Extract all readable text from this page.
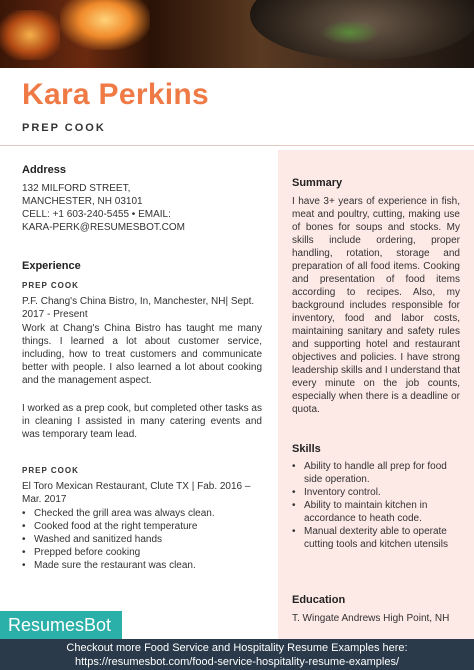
Kara Perkins
PREP COOK
Address
132 MILFORD STREET,
MANCHESTER, NH 03101
CELL: +1 603-240-5455 • EMAIL:
KARA-PERK@RESUMESBOT.COM
Experience
PREP COOK
P.F. Chang's China Bistro, In, Manchester, NH| Sept. 2017 - Present
Work at Chang's China Bistro has taught me many things. I learned a lot about customer service, including, how to treat customers and communicate better with people. I also learned a lot about cooking and the management aspect.
I worked as a prep cook, but completed other tasks as in cleaning I assisted in many catering events and was temporary team lead.
PREP COOK
El Toro Mexican Restaurant, Clute TX | Fab. 2016 – Mar. 2017
• Checked the grill area was always clean.
• Cooked food at the right temperature
• Washed and sanitized hands
• Prepped before cooking
• Made sure the restaurant was clean.
Summary
I have 3+ years of experience in fish, meat and poultry, cutting, making use of bones for soups and stocks. My skills include ordering, proper handling, rotation, storage and preparation of all food items. Cooking and presentation of food items according to recipes. Also, my background includes responsible for inventory, food and labor costs, maintaining sanitary and safety rules and supporting hotel and restaurant objectives and policies. I have strong leadership skills and I understand that every minute on the job counts, especially when there is a deadline or quota.
Skills
• Ability to handle all prep for food side operation.
• Inventory control.
• Ability to maintain kitchen in accordance to heath code.
• Manual dexterity able to operate cutting tools and kitchen utensils
Education
T. Wingate Andrews High Point, NH
ResumesBot
Checkout more Food Service and Hospitality Resume Examples here:
https://resumesbot.com/food-service-hospitality-resume-examples/
